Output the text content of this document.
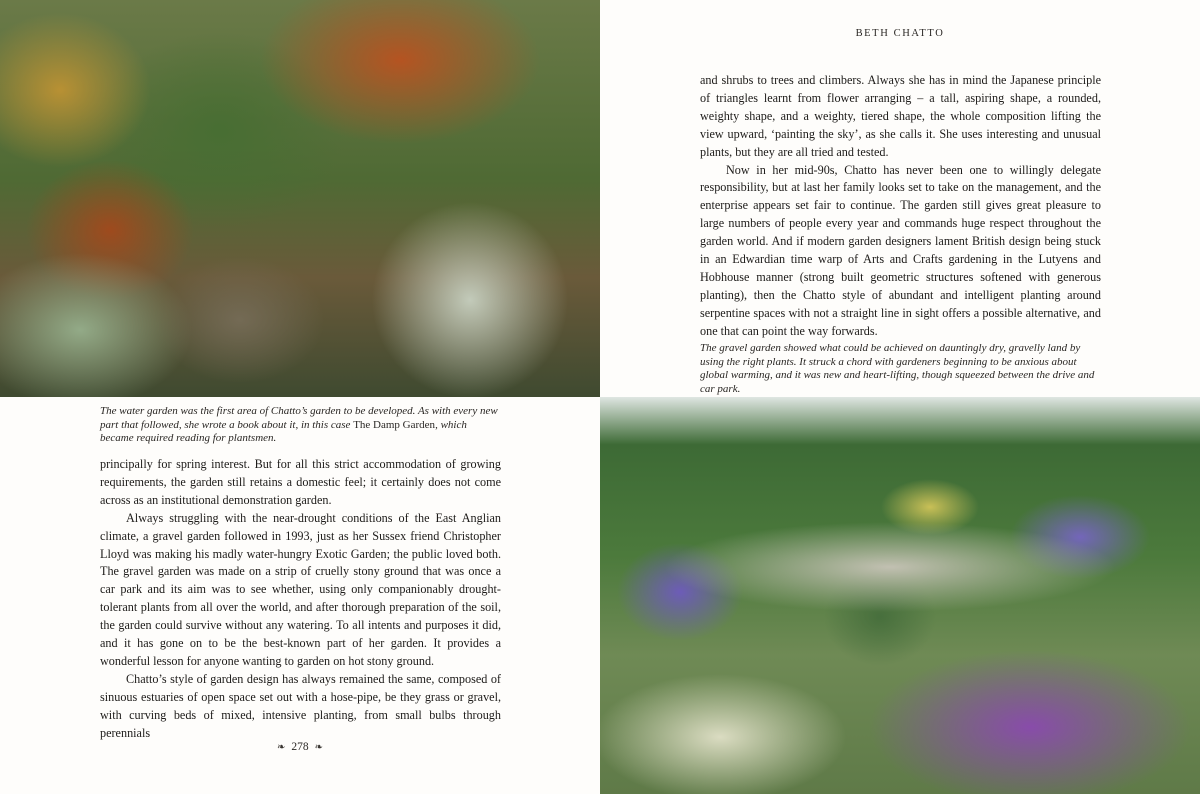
The water garden was the first area of Chatto’s garden to be developed. As with every new part that followed, she wrote a book about it, in this case The Damp Garden, which became required reading for plantsmen.

principally for spring interest. But for all this strict accommodation of growing requirements, the garden still retains a domestic feel; it certainly does not come across as an institutional demonstration garden.

Always struggling with the near-drought conditions of the East Anglian climate, a gravel garden followed in 1993, just as her Sussex friend Christopher Lloyd was making his madly water-hungry Exotic Garden; the public loved both. The gravel garden was made on a strip of cruelly stony ground that was once a car park and its aim was to see whether, using only companionably drought-tolerant plants from all over the world, and after thorough preparation of the soil, the garden could survive without any watering. To all intents and purposes it did, and it has gone on to be the best-known part of her garden. It provides a wonderful lesson for anyone wanting to garden on hot stony ground.

Chatto’s style of garden design has always remained the same, composed of sinuous estuaries of open space set out with a hose-pipe, be they grass or gravel, with curving beds of mixed, intensive planting, from small bulbs through perennials

❧ 278 ❧
BETH CHATTO

and shrubs to trees and climbers. Always she has in mind the Japanese principle of triangles learnt from flower arranging – a tall, aspiring shape, a rounded, weighty shape, and a weighty, tiered shape, the whole composition lifting the view upward, ‘painting the sky’, as she calls it. She uses interesting and unusual plants, but they are all tried and tested.

Now in her mid-90s, Chatto has never been one to willingly delegate responsibility, but at last her family looks set to take on the management, and the enterprise appears set fair to continue. The garden still gives great pleasure to large numbers of people every year and commands huge respect throughout the garden world. And if modern garden designers lament British design being stuck in an Edwardian time warp of Arts and Crafts gardening in the Lutyens and Hobhouse manner (strong built geometric structures softened with generous planting), then the Chatto style of abundant and intelligent planting around serpentine spaces with not a straight line in sight offers a possible alternative, and one that can point the way forwards.

The gravel garden showed what could be achieved on dauntingly dry, gravelly land by using the right plants. It struck a chord with gardeners beginning to be anxious about global warming, and it was new and heart-lifting, though squeezed between the drive and car park.
